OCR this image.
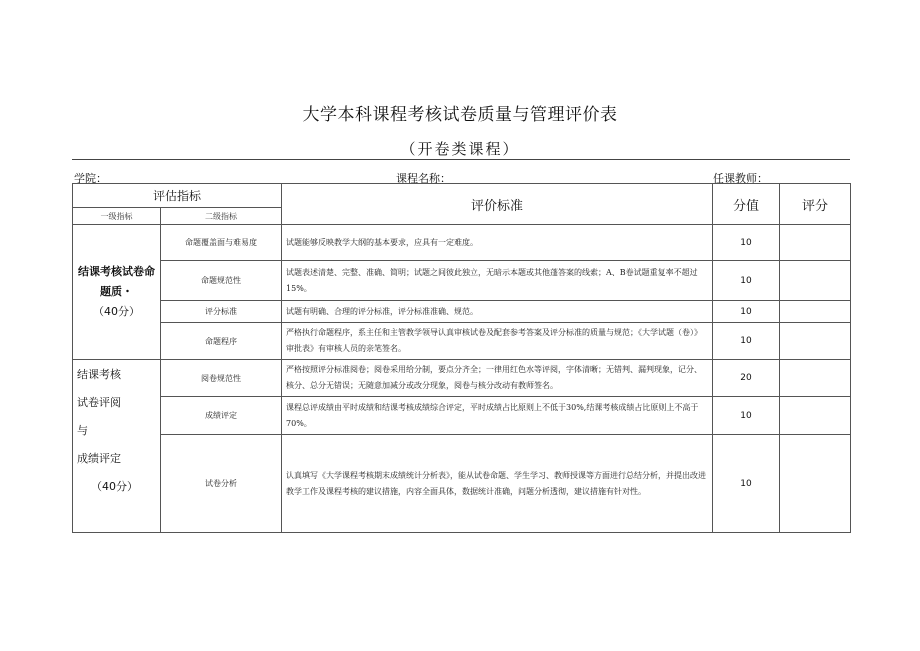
大学本科课程考核试卷质量与管理评价表
（开卷类课程）
学院：	课程名称：	任课教师：
评估指标		评价标准	分值	评分
一级指标	二级指标			

结课考核试卷命题质・
（40分）	命题覆盖面与难易度	试题能够反映教学大纲的基本要求，应具有一定难度。	10	
	命题规范性	试题表述清楚、完整、准确、简明；试题之间彼此独立，无暗示本题或其他蓬答案的线索；A、B卷试题重复率不超过15%。	10	
	评分标准	试题有明确、合理的评分标准，评分标准准确、规范。	10	
	命题程序	严格执行命题程序，系主任和主管教学领导认真审核试卷及配套参考答案及评分标准的质量与规范；《大学试题（卷）》审批表》有审核人员的亲笔签名。	10	

结课考核
试卷评阅
与
成绩评定
（40分）	阅卷规范性	严格按照评分标准阅卷；阅卷采用给分制，要点分齐全；一律用红色水等评阅，字体清晰；无错判、漏判现象，记分、核分、总分无错误；无随意加减分或改分现象，阅卷与核分改动有教师签名。	20	
	成绩评定	课程总评成绩由平时成绩和结课考核成绩综合评定，平时成绩占比原则上不低于30%,结课考核成绩占比原则上不高于70%。	10	
	试卷分析	认真填写《大学课程考核期末成绩统计分析表》，能从试卷命题、学生学习、教师授课等方面进行总结分析，并提出改进教学工作及课程考核的建议措施，内容全面具体，数据统计准确，问题分析透彻，建议措施有针对性。	10	
